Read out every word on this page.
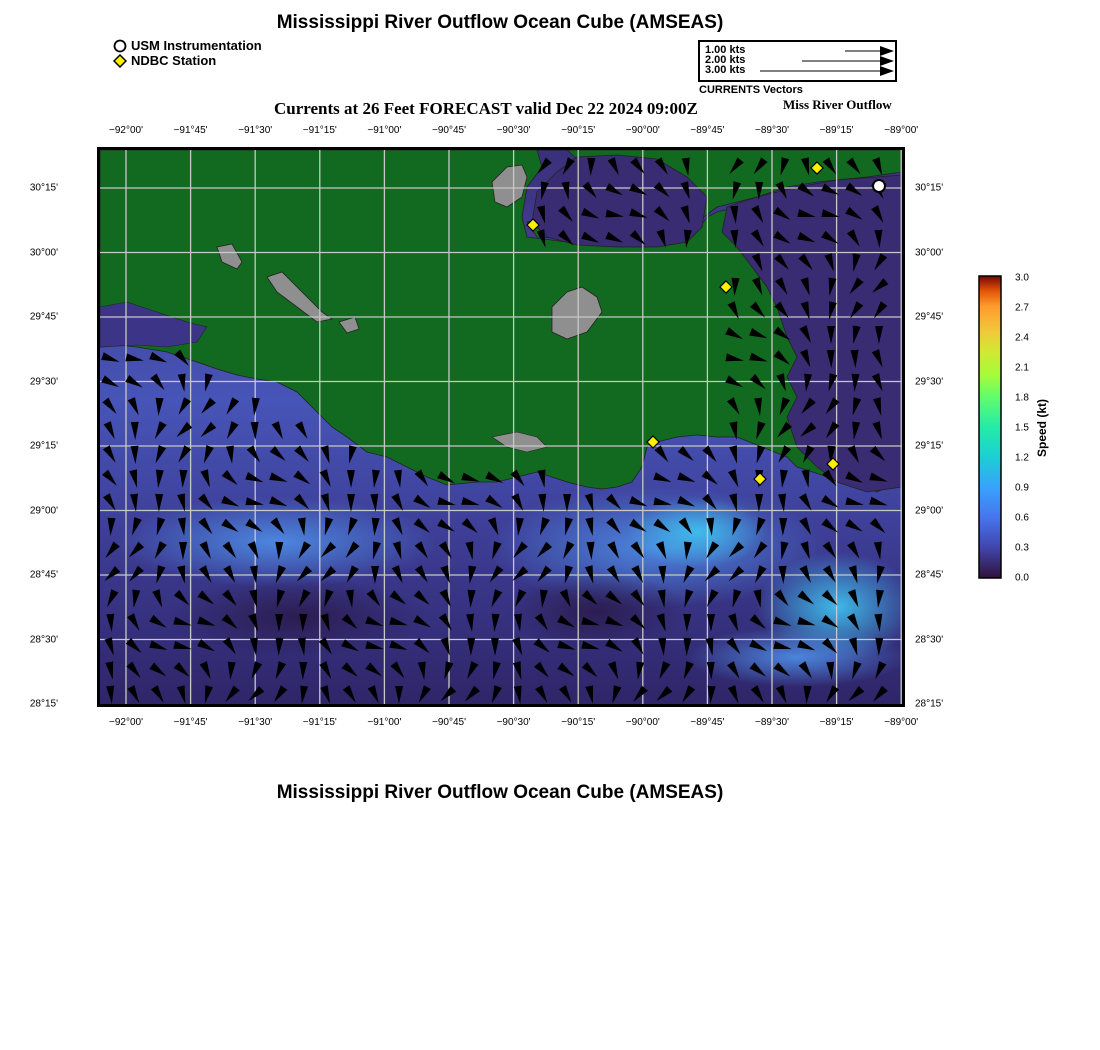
Mississippi River Outflow Ocean Cube (AMSEAS)
Mississippi River Outflow Ocean Cube (AMSEAS)
USM Instrumentation
NDBC Station
1.00 kts
2.00 kts
3.00 kts
CURRENTS Vectors
Currents at 26 Feet FORECAST valid Dec 22 2024 09:00Z	Miss River Outflow
−92°00'	−91°45'	−91°30'	−91°15'	−91°00'	−90°45'	−90°30'	−90°15'	−90°00'	−89°45'	−89°30'	−89°15'	−89°00'
−92°00'	−91°45'	−91°30'	−91°15'	−91°00'	−90°45'	−90°30'	−90°15'	−90°00'	−89°45'	−89°30'	−89°15'	−89°00'
30°15'
30°00'
29°45'
29°30'
29°15'
29°00'
28°45'
28°30'
28°15'
30°15'
30°00'
29°45'
29°30'
29°15'
29°00'
28°45'
28°30'
28°15'
3.0
2.7
2.4
2.1
1.8
1.5
1.2
0.9
0.6
0.3
0.0
Speed (kt)
